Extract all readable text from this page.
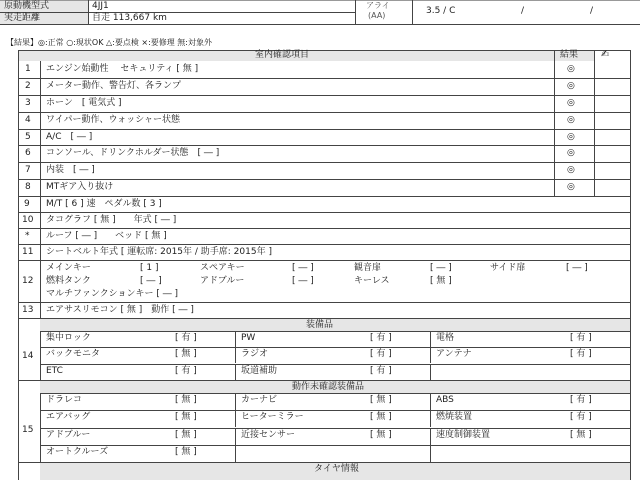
原動機型式	4JJ1
実走距離	自走 113,667 km
アライ
(AA)	3.5 / C	/	/
【結果】◎:正常 ○:現状OK △:要点検 ×:要修理 無:対象外
室内確認項目	結果 ✍
1 エンジン始動性　 セキュリティ [ 無 ]	◎
2 メーター動作、警告灯、各ランプ	◎
3 ホーン　[ 電気式 ]	◎
4 ワイパー動作、ウォッシャー状態	◎
5 A/C　[ ― ]	◎
6 コンソール、ドリンクホルダー状態　[ ― ]	◎
7 内装　[ ― ]	◎
8 MTギア入り抜け	◎
9 M/T [ 6 ] 速　ペダル数 [ 3 ]
10 タコグラフ [ 無 ]　　年式 [ ― ]
* ルーフ [ ― ]　　ベッド [ 無 ]
11 シートベルト年式 [ 運転席: 2015年 / 助手席: 2015年 ]
12
メインキー	[ 1 ]	スペアキー	[ ― ]	観音扉	[ ― ]	サイド扉	[ ― ]
燃料タンク	[ ― ]	アドブルー	[ ― ]	キーレス	[ 無 ]
マルチファンクションキー [ ― ]
13 エアサスリモコン [ 無 ]　動作 [ ― ]
装備品
14
集中ロック	[ 有 ]	PW	[ 有 ]	電格	[ 有 ]
バックモニタ	[ 無 ]	ラジオ	[ 有 ]	アンテナ	[ 有 ]
ETC	[ 有 ]	坂道補助	[ 有 ]
動作未確認装備品
15
ドラレコ	[ 無 ]	カーナビ	[ 無 ]	ABS	[ 有 ]
エアバッグ	[ 無 ]	ヒーターミラー	[ 無 ]	燃焼装置	[ 有 ]
アドブルー	[ 無 ]	近接センサー	[ 無 ]	速度制御装置	[ 無 ]
オートクルーズ	[ 無 ]
タイヤ情報
